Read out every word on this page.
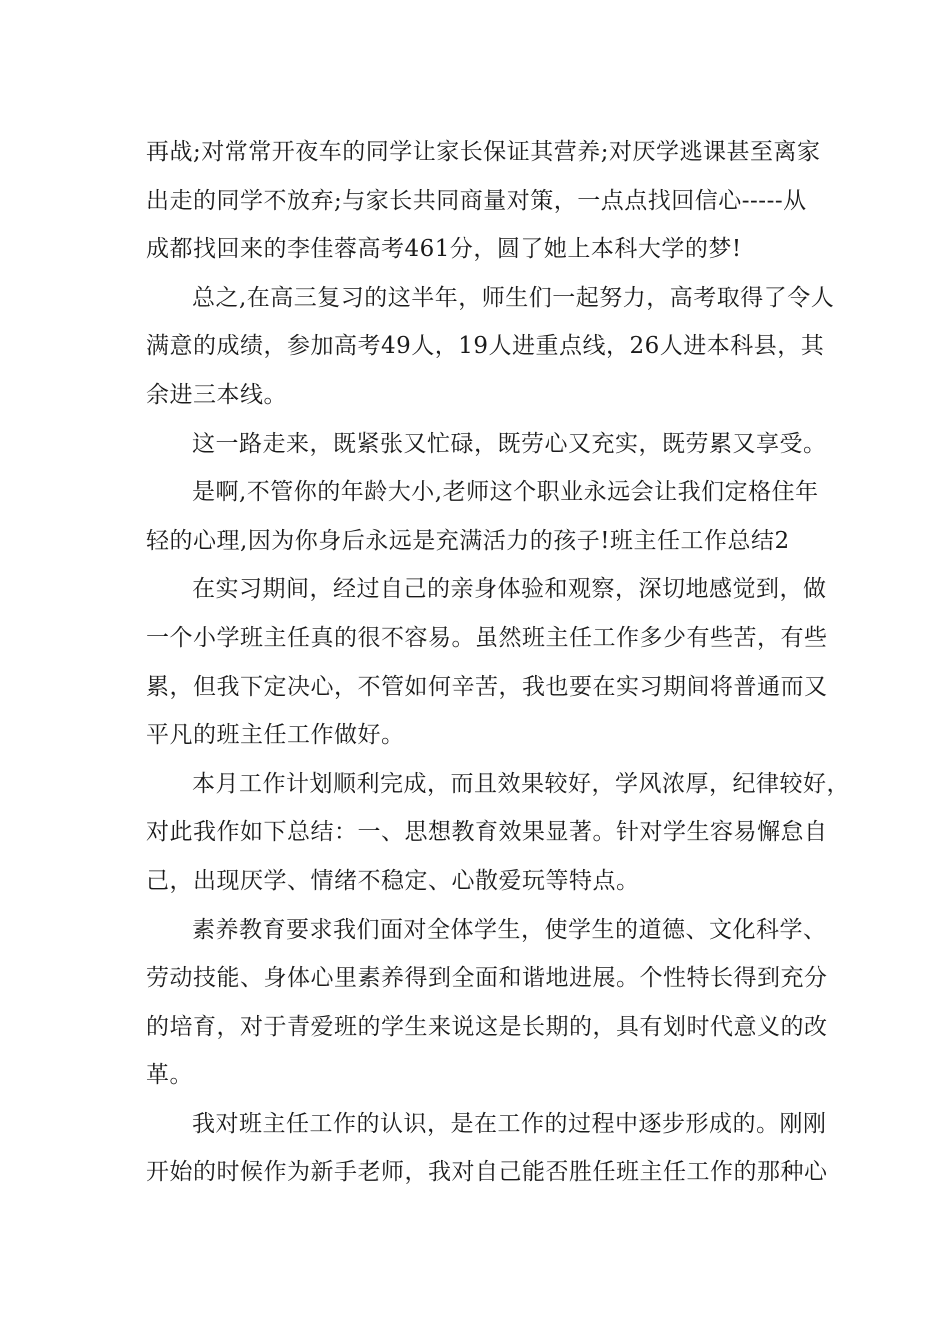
再战;对常常开夜车的同学让家长保证其营养;对厌学逃课甚至离家
出走的同学不放弃;与家长共同商量对策，一点点找回信心-----从
成都找回来的李佳蓉高考461分，圆了她上本科大学的梦!
总之,在高三复习的这半年，师生们一起努力，高考取得了令人
满意的成绩，参加高考49人，19人进重点线，26人进本科县，其
余进三本线。
这一路走来，既紧张又忙碌，既劳心又充实，既劳累又享受。
是啊,不管你的年龄大小,老师这个职业永远会让我们定格住年
轻的心理,因为你身后永远是充满活力的孩子!班主任工作总结2
在实习期间，经过自己的亲身体验和观察，深切地感觉到，做
一个小学班主任真的很不容易。虽然班主任工作多少有些苦，有些
累，但我下定决心，不管如何辛苦，我也要在实习期间将普通而又
平凡的班主任工作做好。
本月工作计划顺利完成，而且效果较好，学风浓厚，纪律较好，
对此我作如下总结：一、思想教育效果显著。针对学生容易懈怠自
己，出现厌学、情绪不稳定、心散爱玩等特点。
素养教育要求我们面对全体学生，使学生的道德、文化科学、
劳动技能、身体心里素养得到全面和谐地进展。个性特长得到充分
的培育，对于青爱班的学生来说这是长期的，具有划时代意义的改
革。
我对班主任工作的认识，是在工作的过程中逐步形成的。刚刚
开始的时候作为新手老师，我对自己能否胜任班主任工作的那种心
